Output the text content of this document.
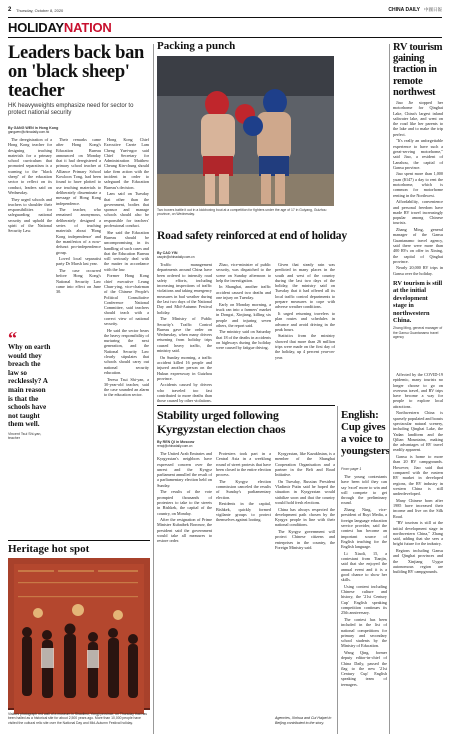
2 Thursday, October 8, 2020	CHINA DAILY 中國日報
HOLIDAYNATION
Leaders back ban on 'black sheep' teacher
HK heavyweights emphasize need for sector to protect national security
By GANG WEN in Hong Kong
gangwen@chinadaily.com.hk

The deregistration of a Hong Kong teacher for designing teaching materials for a primary school curriculum that promoted separatism is a warning to the "black sheep" of the education sector to reflect on its conduct, leaders said on Wednesday.

They urged schools and teachers to shoulder their responsibilities for safeguarding national security and uphold the spirit of the National Security Law.

“
Why on earth would they breach the law so recklessly? A main reason is that the schools have not taught them well.
Vincent Tsui Shi-yan, teacher

Their remarks came after Hong Kong's Education Bureau announced on Monday that it had deregistered a primary school teacher at Alliance Primary School Kowloon Tong, had been found to have plotted to use teaching materials to deliberately disseminate a message of Hong Kong independence.

The teacher, who remained anonymous, deliberately designed a series of teaching materials about 'Hong Kong independence' and the manifestos of a now-defunct pro-independence group.

Loved local separatist party Dr Marsh last year.

The case occurred before Hong Kong's National Security Law came into effect on June 30.

Hong Kong Chief Executive Carrie Lam Cheng Yuet-ngor said Chief Secretary for Administration Matthew Cheung Kin-chung should take firm action with the incident in order to safeguard the Education Bureau's decision.

Lam said on Tuesday that other than the government, bodies that sponsor and manage schools should also be responsible for teachers' professional conduct.

She said the Education Bureau should be uncompromising in its handling of such cases and that the Education Bureau will seriously deal with the matter in accordance with the law.

Former Hong Kong chief executive Leung Chun-ying, vice-chairman of the Chinese People's Political Consultative Conference National Committee, said teachers should teach with a correct view of national security.

He said the sector bears the heavy responsibility of nurturing the next generation, and the National Security Law clearly stipulates that schools should carry out national security education.

Teresa Tsui Shi-yan, a 30-year-old teacher, said the case sounded an alarm to the education sector.

Heritage hot spot
Visitors photograph red wall of a museum in Shaolinsi, Yongji province, on Thursday that has been hailed as a historical site for about 2,500 years ago. More than 10,000 people have visited the cultural relic site over the National Day and Mid-Autumn Festival holiday.
Packing a punch
Two boxers battle it out in a kickboxing bout at a competition for fighters under the age of 17 in Guiyang, Guizhou province, on Wednesday.
Road safety reinforced at end of holiday
By CAO YIN
caoyin@chinadaily.com.cn

Traffic management departments around China have been ordered to intensify road safety efforts, including increasing inspections of traffic violations and taking emergency measures in bad weather during the last two days of the National Day and Mid-Autumn Festival holiday.

The Ministry of Public Security's Traffic Control Bureau gave the order on Wednesday, when many drivers returning from holiday trips caused heavy traffic, the ministry said.

On Sunday morning, a traffic accident killed 16 people and injured another person on the Hukun expressway in Guizhou province.

Accidents caused by drivers who traveled too fast contributed to more deaths than those caused by other violations.

Zhao, vice-minister of public security, was dispatched to the scene on Sunday afternoon to help the investigation.

In Shanghai, another traffic accident caused two deaths and one injury on Tuesday.

Early on Monday morning, a truck ran into a farmers' market in Dongxi, Xinjiang, killing six people and injuring seven others, the report said.

The ministry said on Saturday that 18 of the deaths in accidents on highways during the holiday were caused by fatigue driving.

Given that steady rain was predicted in many places in the south and west of the country during the last two days of the holiday, the ministry said on Tuesday that it had offered all its local traffic control departments to prepare measures to cope with adverse weather conditions.

It urged returning travelers to plan routes and schedules in advance and avoid driving in the peak hours.

Statistics from the ministry showed that more than 26 million trips were made on the first day of the holiday, up 4 percent year-on-year.

Stability urged following Kyrgyzstan election chaos
By REN QI in Moscow
renqi@chinadaily.com.cn

The United Arab Emirates and Kyrgyzstan's neighbors have expressed concern over the unrest and the Kyrgyz parliament annulled the result of a parliamentary election held on Sunday.

The results of the vote prompted thousands of protesters to take to the streets in Bishkek, the capital of the country, on Monday.

After the resignation of Prime Minister Kubatbek Boronov, the president said the government would take all measures to restore order.

Protesters took part in a Central Asia in a weeklong round of street protests that have been closed to the entire election process.

The Kyrgyz election commission canceled the results of Sunday's parliamentary election.

Residents in the capital, Bishkek, quickly formed vigilante groups to protect themselves against looting.

Kyrgyzstan, like Kazakhstan, is a member of the Shanghai Cooperation Organisation and a partner in the Belt and Road Initiative.

On Tuesday, Russian President Vladimir Putin said he hoped the situation in Kyrgyzstan would stabilize soon and that the country would hold fresh elections.

China has always respected the development path chosen by the Kyrgyz people in line with their national conditions.

The Kyrgyz government will protect Chinese citizens and enterprises in the country, the Foreign Ministry said.

Agencies, Xinhua and Cui Haipei in Beijing contributed to the story.
English: Cup gives a voice to youngsters
From page 1

The young contestants have been told they can say 'excel' more to win and will compete to get through the preliminary round.

Zhang Ning, vice-president of Ruyi Media, a foreign language education service provider, said the contest has become an important source of English teaching for the English language.

Li Xiaoli, 15, a contestant from Tianjin, said that she enjoyed the annual event and it is a good chance to show her skills.

Using content including Chinese culture and history, the '21st Century Cup' English speaking competition continues its 25th anniversary.

The contest has been included in the list of national competitions for primary and secondary school students by the Ministry of Education.

Wang Qing, former deputy editor-in-chief of China Daily, passed the flag to the new '21st Century Cup' English speaking team of teenagers.

RV tourism gaining traction in remote northwest

Jiao Jie stopped her motorhome for Qinghai Lake, China's largest inland saltwater lake, and went on the road like her parents to the lake and to make the trip perfect.

"It's really an unforgettable experience to have such a great-serving motorhome," said Jiao, a resident of Lanzhou, the capital of Gansu province.

Jiao spent more than 1,000 yuan ($147) a day to rent the motorhome, which is common for motorhome renting in the Northwest.

Affordability, convenience and personal freedom have made RV travel increasingly popular among Chinese tourists.

Zhang Ming, general manager of the Gansu Guantanamo travel agency, said there were more than 400 RVs on offer in Xining, the capital of Qinghai province.

Nearly 20,000 RV trips in Gansu over the holiday.

RV tourism is still at the initial development stage in northwestern China.
Zhang Ming, general manager of the Gansu Guantanamo travel agency

Affected by the COVID-19 epidemic, many tourists no longer choose to go on overseas travel, and RV trips have become a way for people to explore local attractions.

Northwestern China is sparsely populated and boasts spectacular natural scenery, including Qinghai Lake, the Yadan landform and the Qilian Mountains, making the advantages of RV travel readily apparent.

Gansu is home to more than 20 RV campgrounds. However, Jiao said that compared with the eastern RV market in developed regions, the RV industry in western China is still underdeveloped.

Many Chinese born after 1985 have increased their income and live on the Silk Road.

"RV tourism is still at the initial development stage in northwestern China," Zhang said, adding that she sees a bright future for the industry.

Regions including Gansu and Qinghai provinces and the Xinjiang Uygur autonomous region are building RV campgrounds.
